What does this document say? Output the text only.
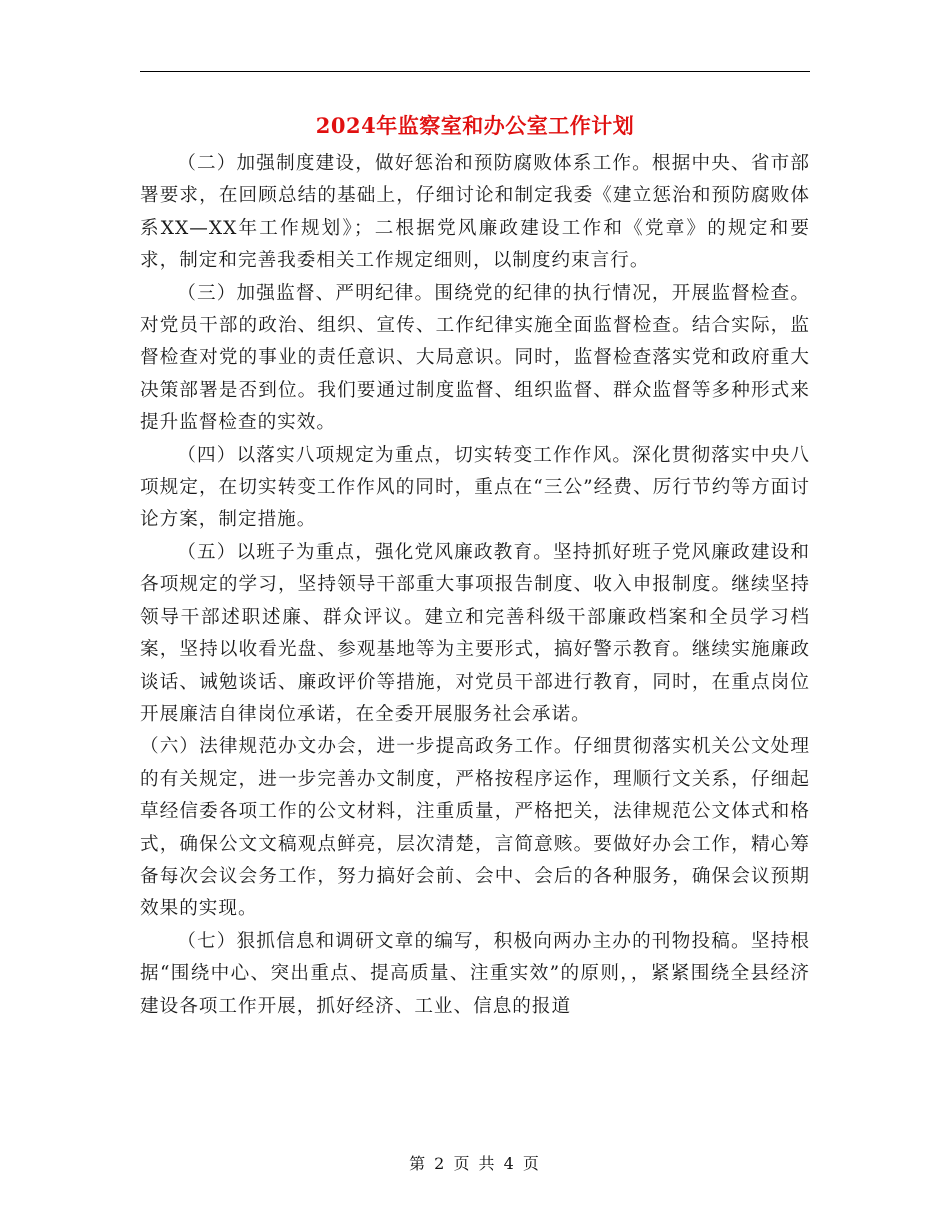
2024年监察室和办公室工作计划

（二）加强制度建设，做好惩治和预防腐败体系工作。根据中央、省市部署要求，在回顾总结的基础上，仔细讨论和制定我委《建立惩治和预防腐败体系XX—XX年工作规划》；二根据党风廉政建设工作和《党章》的规定和要求，制定和完善我委相关工作规定细则，以制度约束言行。

（三）加强监督、严明纪律。围绕党的纪律的执行情况，开展监督检查。对党员干部的政治、组织、宣传、工作纪律实施全面监督检查。结合实际，监督检查对党的事业的责任意识、大局意识。同时，监督检查落实党和政府重大决策部署是否到位。我们要通过制度监督、组织监督、群众监督等多种形式来提升监督检查的实效。

（四）以落实八项规定为重点，切实转变工作作风。深化贯彻落实中央八项规定，在切实转变工作作风的同时，重点在“三公”经费、厉行节约等方面讨论方案，制定措施。

（五）以班子为重点，强化党风廉政教育。坚持抓好班子党风廉政建设和各项规定的学习，坚持领导干部重大事项报告制度、收入申报制度。继续坚持领导干部述职述廉、群众评议。建立和完善科级干部廉政档案和全员学习档案，坚持以收看光盘、参观基地等为主要形式，搞好警示教育。继续实施廉政谈话、诫勉谈话、廉政评价等措施，对党员干部进行教育，同时，在重点岗位开展廉洁自律岗位承诺，在全委开展服务社会承诺。

（六）法律规范办文办会，进一步提高政务工作。仔细贯彻落实机关公文处理的有关规定，进一步完善办文制度，严格按程序运作，理顺行文关系，仔细起草经信委各项工作的公文材料，注重质量，严格把关，法律规范公文体式和格式，确保公文文稿观点鲜亮，层次清楚，言简意赅。要做好办会工作，精心筹备每次会议会务工作，努力搞好会前、会中、会后的各种服务，确保会议预期效果的实现。

（七）狠抓信息和调研文章的编写，积极向两办主办的刊物投稿。坚持根据“围绕中心、突出重点、提高质量、注重实效”的原则，，紧紧围绕全县经济建设各项工作开展，抓好经济、工业、信息的报道

第 2 页 共 4 页
